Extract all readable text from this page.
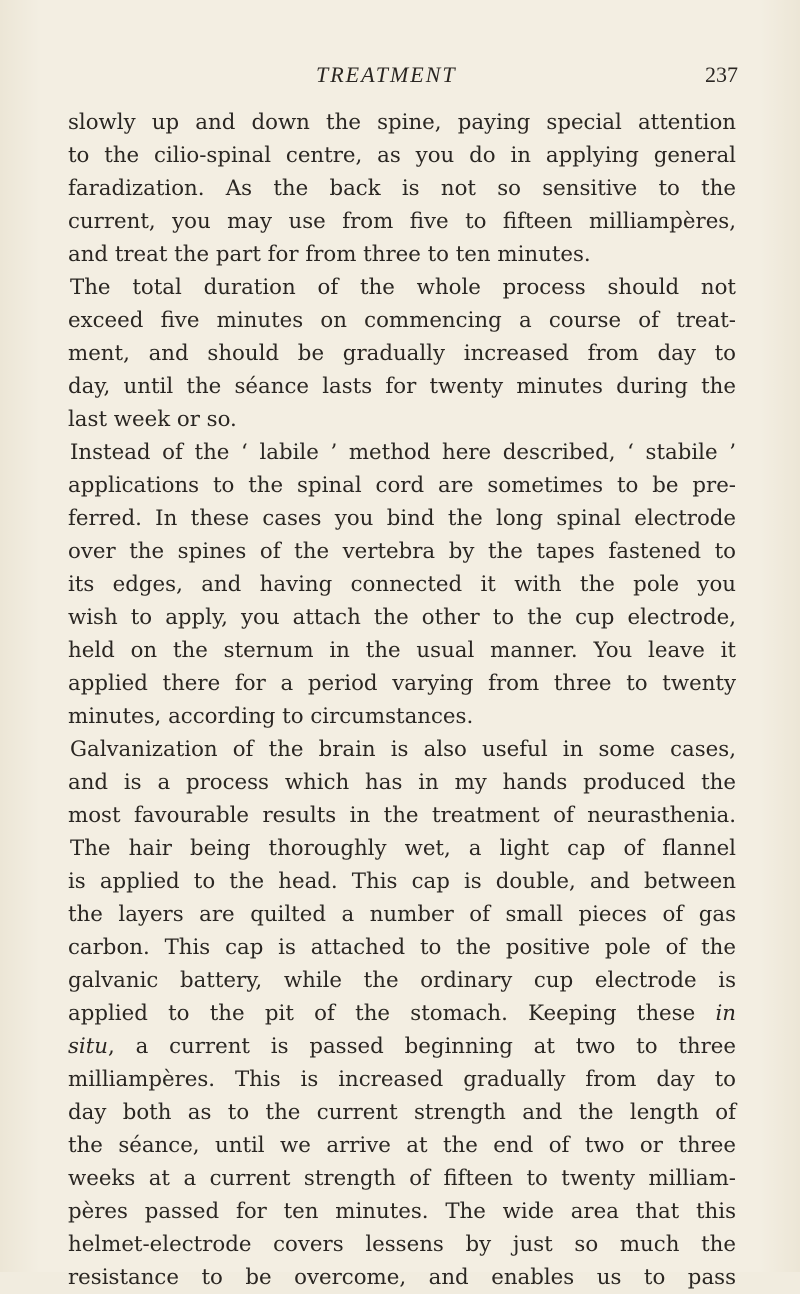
TREATMENT	237
slowly up and down the spine, paying special attention
to the cilio-spinal centre, as you do in applying general
faradization. As the back is not so sensitive to the
current, you may use from five to fifteen milliampères,
and treat the part for from three to ten minutes.
The total duration of the whole process should not
exceed five minutes on commencing a course of treat-
ment, and should be gradually increased from day to
day, until the séance lasts for twenty minutes during the
last week or so.
Instead of the ‘ labile ’ method here described, ‘ stabile ’
applications to the spinal cord are sometimes to be pre-
ferred. In these cases you bind the long spinal electrode
over the spines of the vertebra by the tapes fastened to
its edges, and having connected it with the pole you
wish to apply, you attach the other to the cup electrode,
held on the sternum in the usual manner. You leave it
applied there for a period varying from three to twenty
minutes, according to circumstances.
Galvanization of the brain is also useful in some cases,
and is a process which has in my hands produced the
most favourable results in the treatment of neurasthenia.
The hair being thoroughly wet, a light cap of flannel
is applied to the head. This cap is double, and between
the layers are quilted a number of small pieces of gas
carbon. This cap is attached to the positive pole of the
galvanic battery, while the ordinary cup electrode is
applied to the pit of the stomach. Keeping these in
situ, a current is passed beginning at two to three
milliampères. This is increased gradually from day to
day both as to the current strength and the length of
the séance, until we arrive at the end of two or three
weeks at a current strength of fifteen to twenty milliam-
pères passed for ten minutes. The wide area that this
helmet-electrode covers lessens by just so much the
resistance to be overcome, and enables us to pass
